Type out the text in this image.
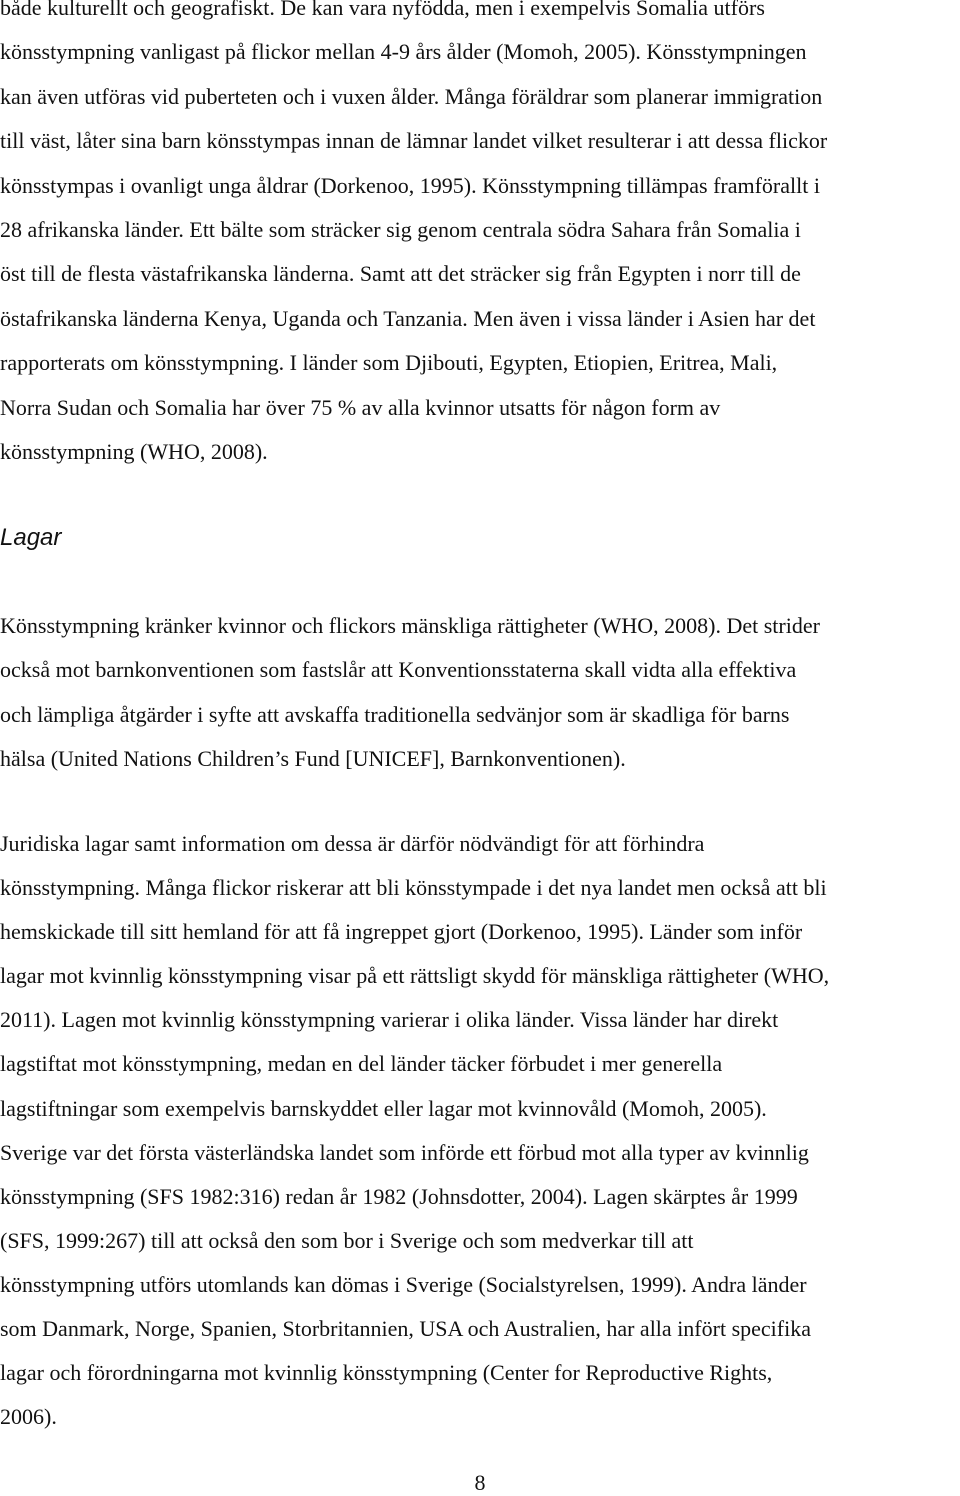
både kulturellt och geografiskt. De kan vara nyfödda, men i exempelvis Somalia utförs
könsstympning vanligast på flickor mellan 4-9 års ålder (Momoh, 2005). Könsstympningen
kan även utföras vid puberteten och i vuxen ålder. Många föräldrar som planerar immigration
till väst, låter sina barn könsstympas innan de lämnar landet vilket resulterar i att dessa flickor
könsstympas i ovanligt unga åldrar (Dorkenoo, 1995). Könsstympning tillämpas framförallt i
28 afrikanska länder. Ett bälte som sträcker sig genom centrala södra Sahara från Somalia i
öst till de flesta västafrikanska länderna. Samt att det sträcker sig från Egypten i norr till de
östafrikanska länderna Kenya, Uganda och Tanzania. Men även i vissa länder i Asien har det
rapporterats om könsstympning. I länder som Djibouti, Egypten, Etiopien, Eritrea, Mali,
Norra Sudan och Somalia har över 75 % av alla kvinnor utsatts för någon form av
könsstympning (WHO, 2008).

Lagar

Könsstympning kränker kvinnor och flickors mänskliga rättigheter (WHO, 2008). Det strider
också mot barnkonventionen som fastslår att Konventionsstaterna skall vidta alla effektiva
och lämpliga åtgärder i syfte att avskaffa traditionella sedvänjor som är skadliga för barns
hälsa (United Nations Children’s Fund [UNICEF], Barnkonventionen).

Juridiska lagar samt information om dessa är därför nödvändigt för att förhindra
könsstympning. Många flickor riskerar att bli könsstympade i det nya landet men också att bli
hemskickade till sitt hemland för att få ingreppet gjort (Dorkenoo, 1995). Länder som inför
lagar mot kvinnlig könsstympning visar på ett rättsligt skydd för mänskliga rättigheter (WHO,
2011). Lagen mot kvinnlig könsstympning varierar i olika länder. Vissa länder har direkt
lagstiftat mot könsstympning, medan en del länder täcker förbudet i mer generella
lagstiftningar som exempelvis barnskyddet eller lagar mot kvinnovåld (Momoh, 2005).
Sverige var det första västerländska landet som införde ett förbud mot alla typer av kvinnlig
könsstympning (SFS 1982:316) redan år 1982 (Johnsdotter, 2004). Lagen skärptes år 1999
(SFS, 1999:267) till att också den som bor i Sverige och som medverkar till att
könsstympning utförs utomlands kan dömas i Sverige (Socialstyrelsen, 1999). Andra länder
som Danmark, Norge, Spanien, Storbritannien, USA och Australien, har alla infört specifika
lagar och förordningarna mot kvinnlig könsstympning (Center for Reproductive Rights,
2006).

8
